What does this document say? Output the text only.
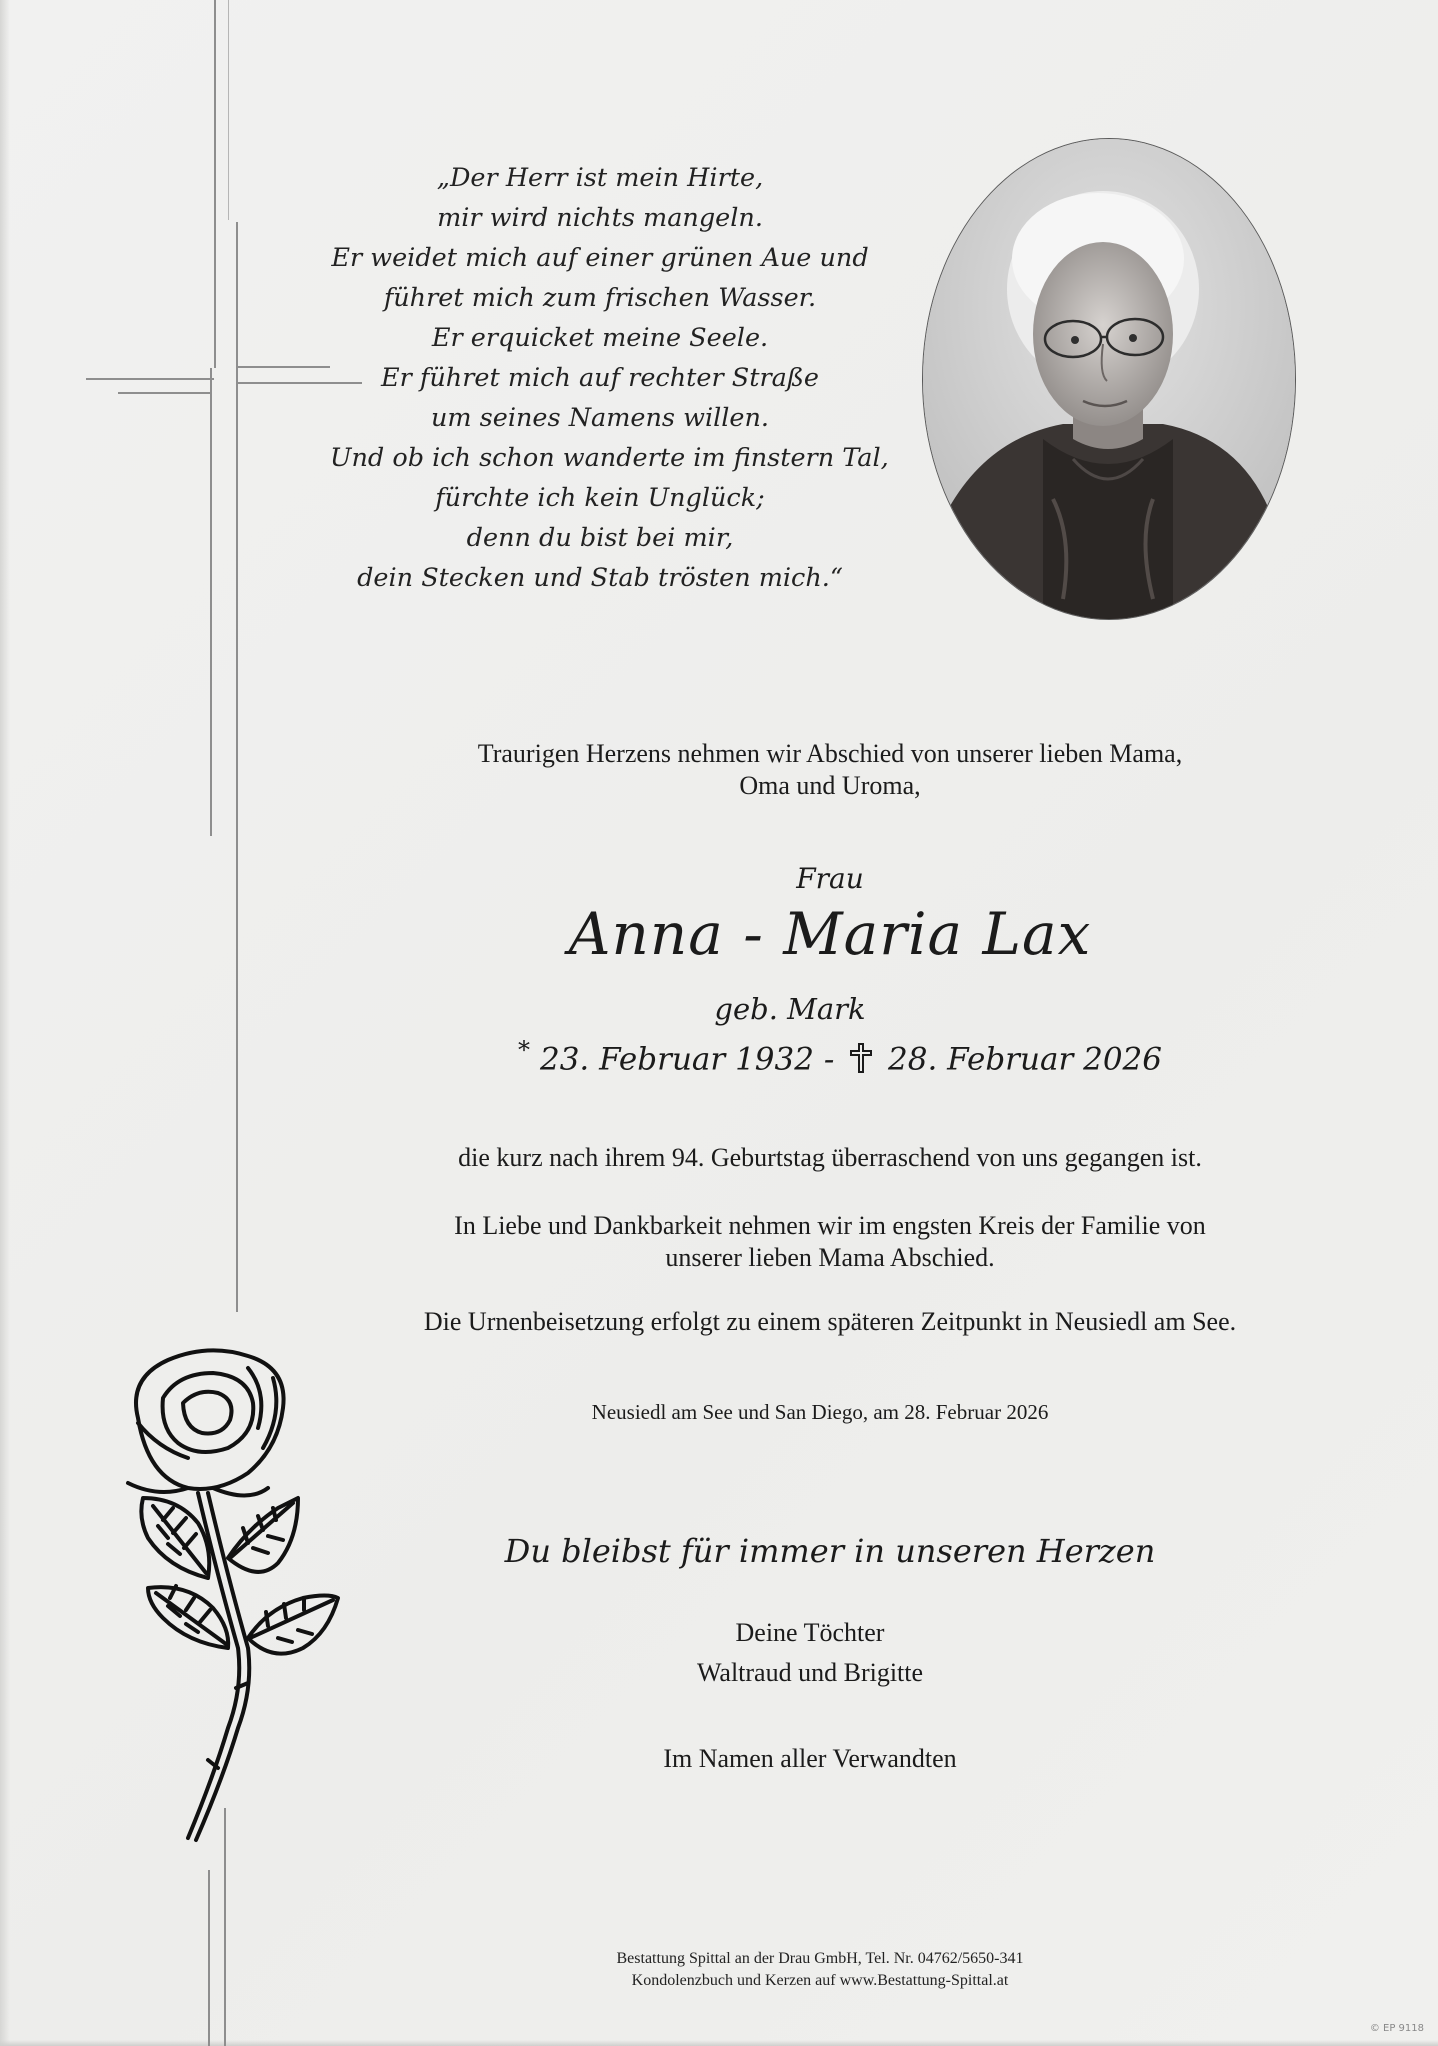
„Der Herr ist mein Hirte,
mir wird nichts mangeln.
Er weidet mich auf einer grünen Aue und
führet mich zum frischen Wasser.
Er erquicket meine Seele.
Er führet mich auf rechter Straße
um seines Namens willen.
Und ob ich schon wanderte im finstern Tal,
fürchte ich kein Unglück;
denn du bist bei mir,
dein Stecken und Stab trösten mich.“
Traurigen Herzens nehmen wir Abschied von unserer lieben Mama,
Oma und Uroma,
Frau
Anna - Maria Lax
geb. Mark
* 23. Februar 1932 - 28. Februar 2026
die kurz nach ihrem 94. Geburtstag überraschend von uns gegangen ist.
In Liebe und Dankbarkeit nehmen wir im engsten Kreis der Familie von
unserer lieben Mama Abschied.
Die Urnenbeisetzung erfolgt zu einem späteren Zeitpunkt in Neusiedl am See.
Neusiedl am See und San Diego, am 28. Februar 2026
Du bleibst für immer in unseren Herzen
Deine Töchter
Waltraud und Brigitte
Im Namen aller Verwandten
Bestattung Spittal an der Drau GmbH, Tel. Nr. 04762/5650-341
Kondolenzbuch und Kerzen auf www.Bestattung-Spittal.at
© EP 9118
